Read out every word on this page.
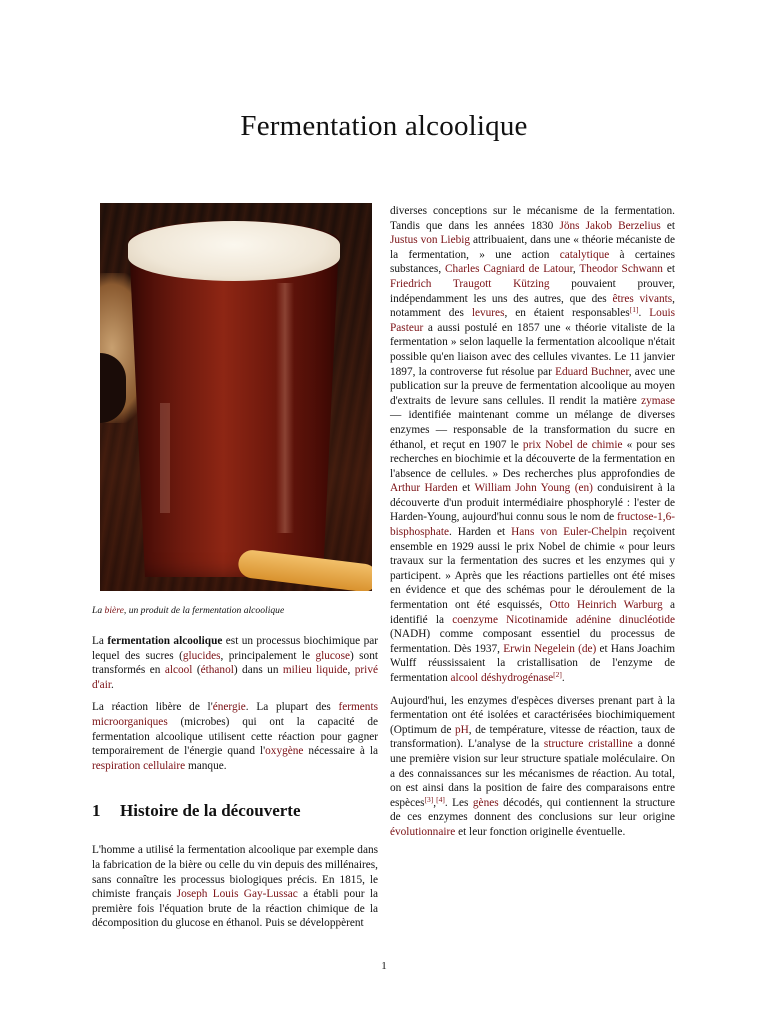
Fermentation alcoolique
La bière, un produit de la fermentation alcoolique

La fermentation alcoolique est un processus biochimique par lequel des sucres (glucides, principalement le glucose) sont transformés en alcool (éthanol) dans un milieu liquide, privé d'air.

La réaction libère de l'énergie. La plupart des ferments microorganiques (microbes) qui ont la capacité de fermentation alcoolique utilisent cette réaction pour gagner temporairement de l'énergie quand l'oxygène nécessaire à la respiration cellulaire manque.

1 Histoire de la découverte

L'homme a utilisé la fermentation alcoolique par exemple dans la fabrication de la bière ou celle du vin depuis des millénaires, sans connaître les processus biologiques précis. En 1815, le chimiste français Joseph Louis Gay-Lussac a établi pour la première fois l'équation brute de la réaction chimique de la décomposition du glucose en éthanol. Puis se développèrent

diverses conceptions sur le mécanisme de la fermentation. Tandis que dans les années 1830 Jöns Jakob Berzelius et Justus von Liebig attribuaient, dans une « théorie mécaniste de la fermentation, » une action catalytique à certaines substances, Charles Cagniard de Latour, Theodor Schwann et Friedrich Traugott Kützing pouvaient prouver, indépendamment les uns des autres, que des êtres vivants, notamment des levures, en étaient responsables[1]. Louis Pasteur a aussi postulé en 1857 une « théorie vitaliste de la fermentation » selon laquelle la fermentation alcoolique n'était possible qu'en liaison avec des cellules vivantes. Le 11 janvier 1897, la controverse fut résolue par Eduard Buchner, avec une publication sur la preuve de fermentation alcoolique au moyen d'extraits de levure sans cellules. Il rendit la matière zymase — identifiée maintenant comme un mélange de diverses enzymes — responsable de la transformation du sucre en éthanol, et reçut en 1907 le prix Nobel de chimie « pour ses recherches en biochimie et la découverte de la fermentation en l'absence de cellules. » Des recherches plus approfondies de Arthur Harden et William John Young (en) conduisirent à la découverte d'un produit intermédiaire phosphorylé : l'ester de Harden-Young, aujourd'hui connu sous le nom de fructose-1,6-bisphosphate. Harden et Hans von Euler-Chelpin reçoivent ensemble en 1929 aussi le prix Nobel de chimie « pour leurs travaux sur la fermentation des sucres et les enzymes qui y participent. » Après que les réactions partielles ont été mises en évidence et que des schémas pour le déroulement de la fermentation ont été esquissés, Otto Heinrich Warburg a identifié la coenzyme Nicotinamide adénine dinucléotide (NADH) comme composant essentiel du processus de fermentation. Dès 1937, Erwin Negelein (de) et Hans Joachim Wulff réussissaient la cristallisation de l'enzyme de fermentation alcool déshydrogénase[2].

Aujourd'hui, les enzymes d'espèces diverses prenant part à la fermentation ont été isolées et caractérisées biochimiquement (Optimum de pH, de température, vitesse de réaction, taux de transformation). L'analyse de la structure cristalline a donné une première vision sur leur structure spatiale moléculaire. On a des connaissances sur les mécanismes de réaction. Au total, on est ainsi dans la position de faire des comparaisons entre espèces[3],[4]. Les gènes décodés, qui contiennent la structure de ces enzymes donnent des conclusions sur leur origine évolutionnaire et leur fonction originelle éventuelle.

1
